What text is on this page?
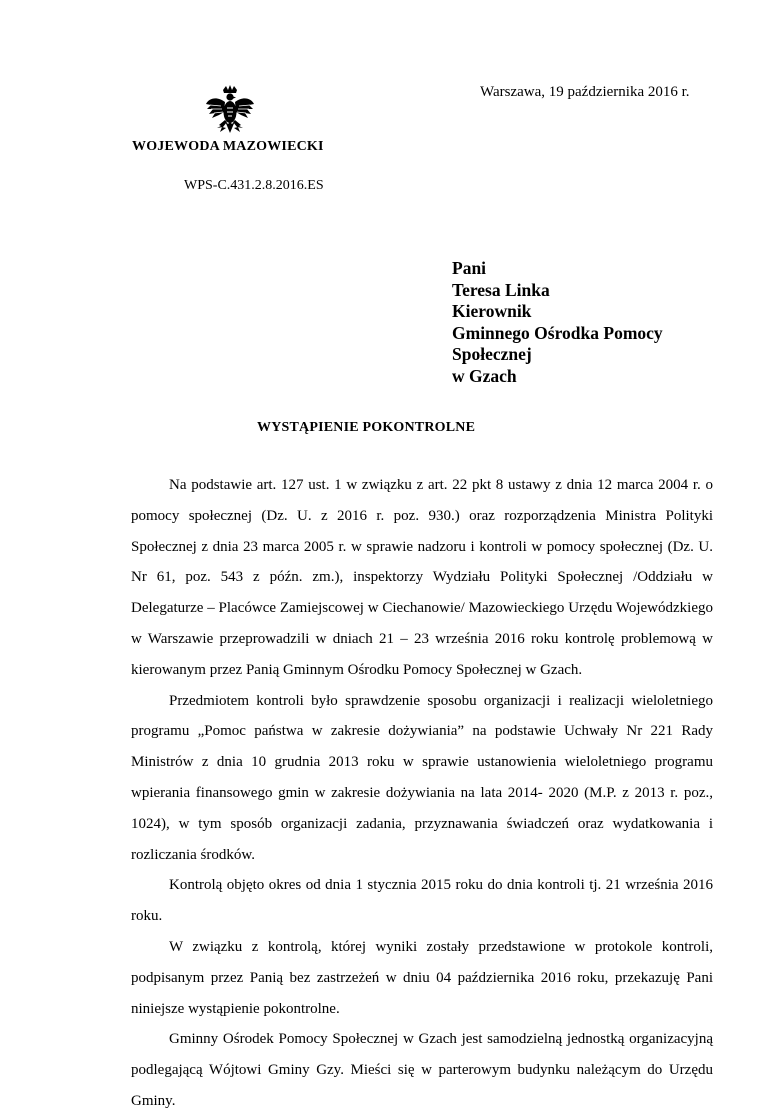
Warszawa, 19 października 2016 r.
WOJEWODA MAZOWIECKI
WPS-C.431.2.8.2016.ES
Pani
Teresa Linka
Kierownik
Gminnego Ośrodka Pomocy
Społecznej
w Gzach
WYSTĄPIENIE POKONTROLNE

Na podstawie art. 127 ust. 1 w związku z art. 22 pkt 8 ustawy z dnia 12 marca 2004 r. o pomocy społecznej (Dz. U. z 2016 r. poz. 930.) oraz rozporządzenia Ministra Polityki Społecznej z dnia 23 marca 2005 r. w sprawie nadzoru i kontroli w pomocy społecznej (Dz. U. Nr 61, poz. 543 z późn. zm.), inspektorzy Wydziału Polityki Społecznej /Oddziału w Delegaturze – Placówce Zamiejscowej w Ciechanowie/ Mazowieckiego Urzędu Wojewódzkiego w Warszawie przeprowadzili w dniach 21 – 23 września 2016 roku kontrolę problemową w kierowanym przez Panią Gminnym Ośrodku Pomocy Społecznej w Gzach.

Przedmiotem kontroli było sprawdzenie sposobu organizacji i realizacji wieloletniego programu „Pomoc państwa w zakresie dożywiania” na podstawie Uchwały Nr 221 Rady Ministrów z dnia 10 grudnia 2013 roku w sprawie ustanowienia wieloletniego programu wpierania finansowego gmin w zakresie dożywiania na lata 2014- 2020 (M.P. z 2013 r. poz., 1024), w tym sposób organizacji zadania, przyznawania świadczeń oraz wydatkowania i rozliczania środków.

Kontrolą objęto okres od dnia 1 stycznia 2015 roku do dnia kontroli tj. 21 września 2016 roku.

W związku z kontrolą, której wyniki zostały przedstawione w protokole kontroli, podpisanym przez Panią bez zastrzeżeń w dniu 04 października 2016 roku, przekazuję Pani niniejsze wystąpienie pokontrolne.

Gminny Ośrodek Pomocy Społecznej w Gzach jest samodzielną jednostką organizacyjną podlegającą Wójtowi Gminy Gzy. Mieści się w parterowym budynku należącym do Urzędu Gminy.
